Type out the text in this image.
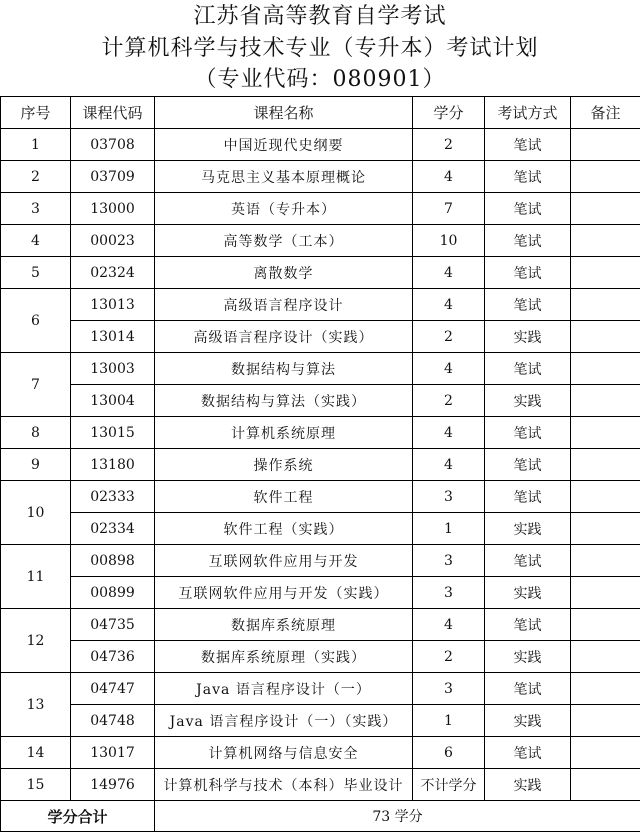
江苏省高等教育自学考试
计算机科学与技术专业（专升本）考试计划
（专业代码：080901）
序号	课程代码	课程名称	学分	考试方式	备注
1	03708	中国近现代史纲要	2	笔试	
2	03709	马克思主义基本原理概论	4	笔试	
3	13000	英语（专升本）	7	笔试	
4	00023	高等数学（工本）	10	笔试	
5	02324	离散数学	4	笔试	
6	13013	高级语言程序设计	4	笔试	
	13014	高级语言程序设计（实践）	2	实践	
7	13003	数据结构与算法	4	笔试	
	13004	数据结构与算法（实践）	2	实践	
8	13015	计算机系统原理	4	笔试	
9	13180	操作系统	4	笔试	
10	02333	软件工程	3	笔试	
	02334	软件工程（实践）	1	实践	
11	00898	互联网软件应用与开发	3	笔试	
	00899	互联网软件应用与开发（实践）	3	实践	
12	04735	数据库系统原理	4	笔试	
	04736	数据库系统原理（实践）	2	实践	
13	04747	Java 语言程序设计（一）	3	笔试	
	04748	Java 语言程序设计（一）（实践）	1	实践	
14	13017	计算机网络与信息安全	6	笔试	
15	14976	计算机科学与技术（本科）毕业设计	不计学分	实践	
学分合计		73 学分			
